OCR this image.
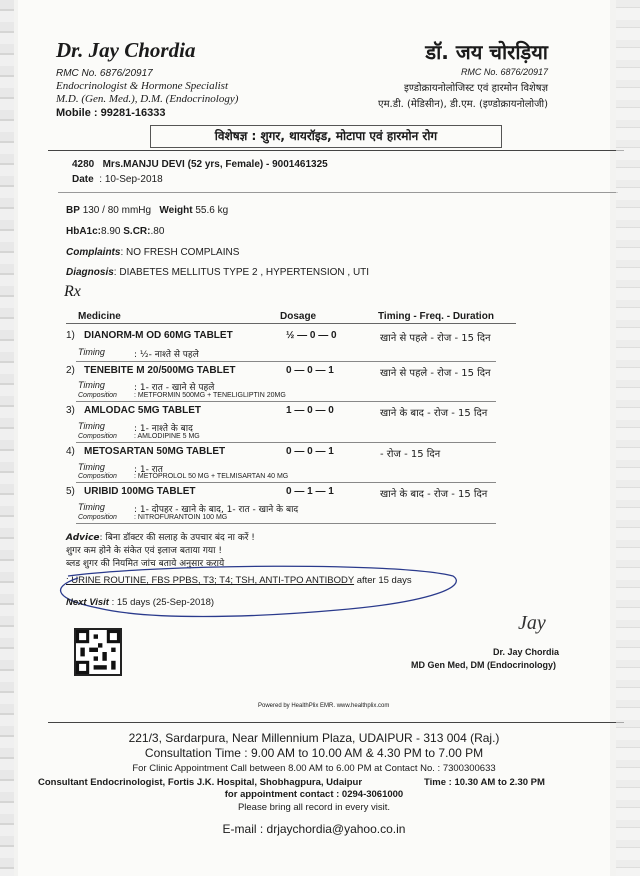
Dr. Jay Chordia
RMC No. 6876/20917
Endocrinologist & Hormone Specialist
M.D. (Gen. Med.), D.M. (Endocrinology)
Mobile : 99281-16333
डॉ. जय चोरड़िया
RMC No. 6876/20917
इण्डोक्रायनोलोजिस्ट एवं हारमोन विशेषज्ञ
एम.डी. (मेडिसीन), डी.एम. (इण्डोक्रायनोलोजी)
विशेषज्ञ : शुगर, थायरॉइड, मोटापा एवं हारमोन रोग
4280 Mrs.MANJU DEVI (52 yrs, Female) - 9001461325
Date  : 10-Sep-2018
BP 130 / 80 mmHg Weight 55.6 kg
HbA1c:8.90 S.CR:.80
Complaints: NO FRESH COMPLAINS
Diagnosis: DIABETES MELLITUS TYPE 2 , HYPERTENSION , UTI
Rx
Medicine	Dosage	Timing - Freq. - Duration
1) DIANORM-M OD 60MG TABLET	½ — 0 — 0	खाने से पहले - रोज - 15 दिन
Timing	: ½- नाश्ते से पहले
2) TENEBITE M 20/500MG TABLET	0 — 0 — 1	खाने से पहले - रोज - 15 दिन
Timing	: 1- रात - खाने से पहले
Composition : METFORMIN 500MG + TENELIGLIPTIN 20MG
3) AMLODAC 5MG TABLET	1 — 0 — 0	खाने के बाद - रोज - 15 दिन
Timing	: 1- नाश्ते के बाद
Composition : AMLODIPINE 5 MG
4) METOSARTAN 50MG TABLET	0 — 0 — 1	- रोज - 15 दिन
Timing	: 1- रात
Composition : METOPROLOL 50 MG + TELMISARTAN 40 MG
5) URIBID 100MG TABLET	0 — 1 — 1	खाने के बाद - रोज - 15 दिन
Timing	: 1- दोपहर - खाने के बाद, 1- रात - खाने के बाद
Composition : NITROFURANTOIN 100 MG
Advice: बिना डॉक्टर की सलाह के उपचार बंद ना करें !
शुगर कम होने के संकेत एवं इलाज बताया गया !
ब्लड शुगर की नियमित जांच बताये अनुसार कराये
: URINE ROUTINE, FBS PPBS, T3; T4; TSH, ANTI-TPO ANTIBODY after 15 days
Next Visit : 15 days (25-Sep-2018)
Jay
Dr. Jay Chordia
MD Gen Med, DM (Endocrinology)
Powered by HealthPlix EMR. www.healthplix.com
221/3, Sardarpura, Near Millennium Plaza, UDAIPUR - 313 004 (Raj.)
Consultation Time : 9.00 AM to 10.00 AM & 4.30 PM to 7.00 PM
For Clinic Appointment Call between 8.00 AM to 6.00 PM at Contact No. : 7300300633
Consultant Endocrinologist, Fortis J.K. Hospital, Shobhagpura, Udaipur	Time : 10.30 AM to 2.30 PM
for appointment contact : 0294-3061000
Please bring all record in every visit.
E-mail : drjaychordia@yahoo.co.in
